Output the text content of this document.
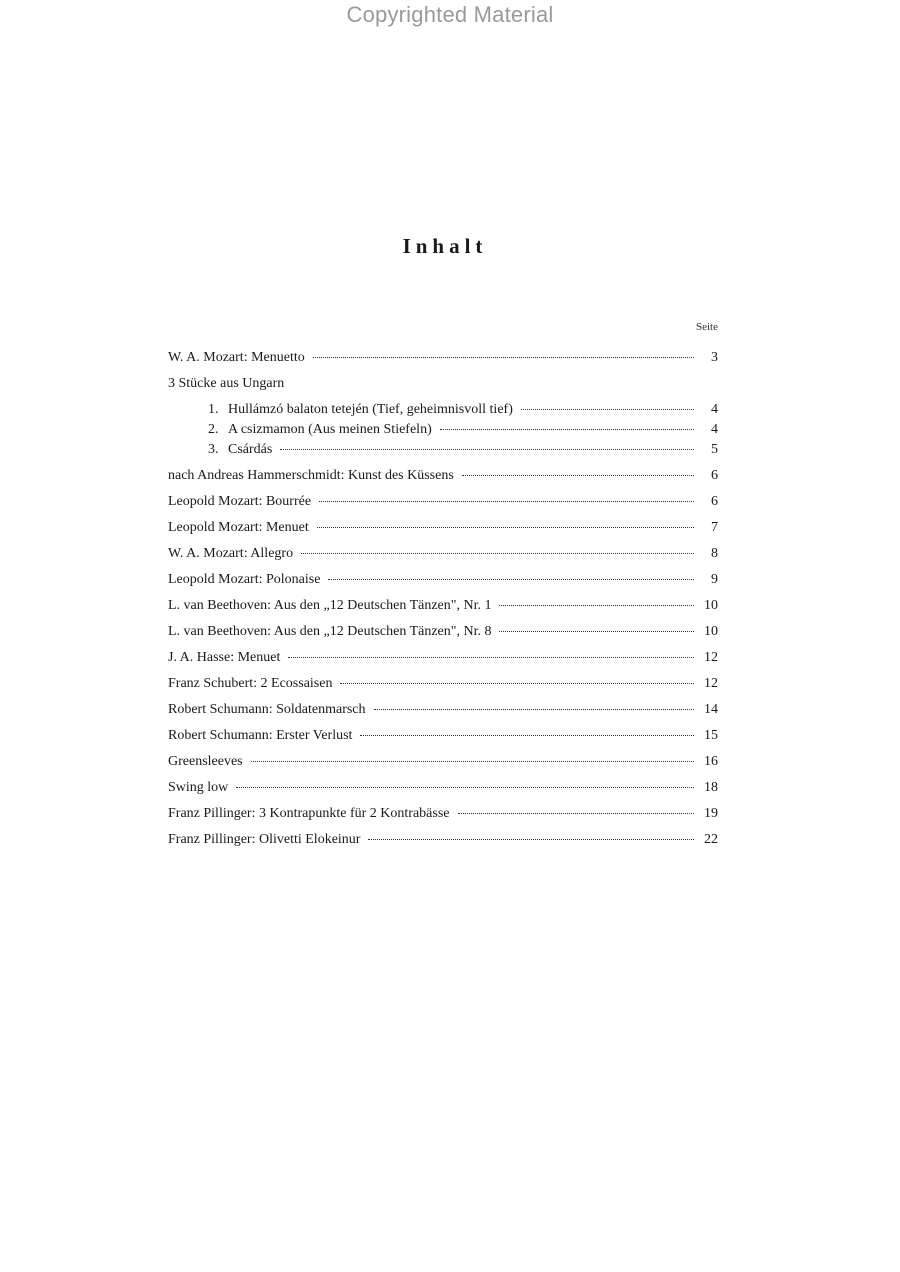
Copyrighted Material
Inhalt
Seite
W. A. Mozart: Menuetto	3
3 Stücke aus Ungarn
1. Hullámzó balaton tetején (Tief, geheimnisvoll tief)	4
2. A csizmamon (Aus meinen Stiefeln)	4
3. Csárdás	5
nach Andreas Hammerschmidt: Kunst des Küssens	6
Leopold Mozart: Bourrée	6
Leopold Mozart: Menuet	7
W. A. Mozart: Allegro	8
Leopold Mozart: Polonaise	9
L. van Beethoven: Aus den „12 Deutschen Tänzen", Nr. 1	10
L. van Beethoven: Aus den „12 Deutschen Tänzen", Nr. 8	10
J. A. Hasse: Menuet	12
Franz Schubert: 2 Ecossaisen	12
Robert Schumann: Soldatenmarsch	14
Robert Schumann: Erster Verlust	15
Greensleeves	16
Swing low	18
Franz Pillinger: 3 Kontrapunkte für 2 Kontrabässe	19
Franz Pillinger: Olivetti Elokeinur	22
